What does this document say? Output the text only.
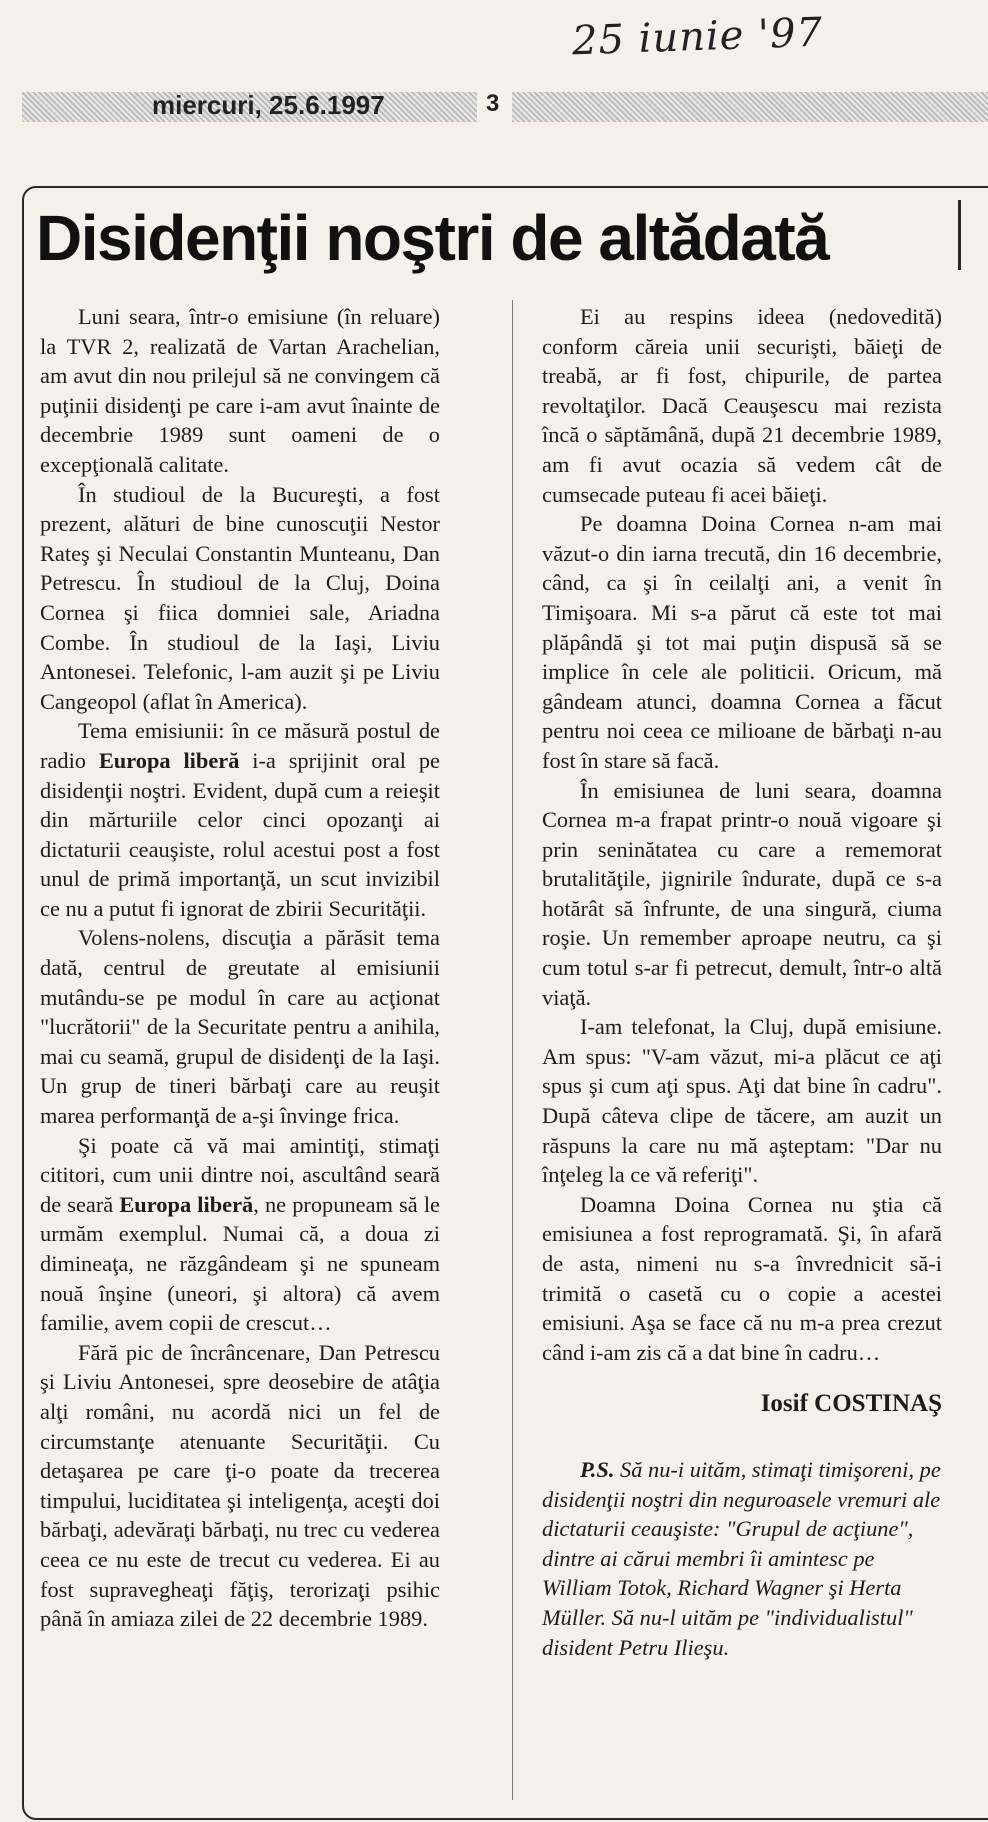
25 iunie '97
miercuri, 25.6.1997	3
Disidenţii noştri de altădată

Luni seara, într-o emisiune (în reluare) la TVR 2, realizată de Vartan Arachelian, am avut din nou prilejul să ne convingem că puţinii disidenţi pe care i-am avut înainte de decembrie 1989 sunt oameni de o excepţională calitate.

În studioul de la Bucureşti, a fost prezent, alături de bine cunoscuţii Nestor Rateş şi Neculai Constantin Munteanu, Dan Petrescu. În studioul de la Cluj, Doina Cornea şi fiica domniei sale, Ariadna Combe. În studioul de la Iaşi, Liviu Antonesei. Telefonic, l-am auzit şi pe Liviu Cangeopol (aflat în America).

Tema emisiunii: în ce măsură postul de radio Europa liberă i-a sprijinit oral pe disidenţii noştri. Evident, după cum a reieşit din mărturiile celor cinci opozanţi ai dictaturii ceauşiste, rolul acestui post a fost unul de primă importanţă, un scut invizibil ce nu a putut fi ignorat de zbirii Securităţii.

Volens-nolens, discuţia a părăsit tema dată, centrul de greutate al emisiunii mutându-se pe modul în care au acţionat "lucrătorii" de la Securitate pentru a anihila, mai cu seamă, grupul de disidenţi de la Iaşi. Un grup de tineri bărbaţi care au reuşit marea performanţă de a-şi învinge frica.

Şi poate că vă mai amintiţi, stimaţi cititori, cum unii dintre noi, ascultând seară de seară Europa liberă, ne propuneam să le urmăm exemplul. Numai că, a doua zi dimineaţa, ne răzgândeam şi ne spuneam nouă înşine (uneori, şi altora) că avem familie, avem copii de crescut…

Fără pic de încrâncenare, Dan Petrescu şi Liviu Antonesei, spre deosebire de atâţia alţi români, nu acordă nici un fel de circumstanţe atenuante Securităţii. Cu detaşarea pe care ţi-o poate da trecerea timpului, luciditatea şi inteligenţa, aceşti doi bărbaţi, adevăraţi bărbaţi, nu trec cu vederea ceea ce nu este de trecut cu vederea. Ei au fost supravegheaţi făţiş, terorizaţi psihic până în amiaza zilei de 22 decembrie 1989.

Ei au respins ideea (nedovedită) conform căreia unii securişti, băieţi de treabă, ar fi fost, chipurile, de partea revoltaţilor. Dacă Ceauşescu mai rezista încă o săptămână, după 21 decembrie 1989, am fi avut ocazia să vedem cât de cumsecade puteau fi acei băieţi.

Pe doamna Doina Cornea n-am mai văzut-o din iarna trecută, din 16 decembrie, când, ca şi în ceilalţi ani, a venit în Timişoara. Mi s-a părut că este tot mai plăpândă şi tot mai puţin dispusă să se implice în cele ale politicii. Oricum, mă gândeam atunci, doamna Cornea a făcut pentru noi ceea ce milioane de bărbaţi n-au fost în stare să facă.

În emisiunea de luni seara, doamna Cornea m-a frapat printr-o nouă vigoare şi prin seninătatea cu care a rememorat brutalităţile, jignirile îndurate, după ce s-a hotărât să înfrunte, de una singură, ciuma roşie. Un remember aproape neutru, ca şi cum totul s-ar fi petrecut, demult, într-o altă viaţă.

I-am telefonat, la Cluj, după emisiune. Am spus: "V-am văzut, mi-a plăcut ce aţi spus şi cum aţi spus. Aţi dat bine în cadru". După câteva clipe de tăcere, am auzit un răspuns la care nu mă aşteptam: "Dar nu înţeleg la ce vă referiţi".

Doamna Doina Cornea nu ştia că emisiunea a fost reprogramată. Şi, în afară de asta, nimeni nu s-a învrednicit să-i trimită o casetă cu o copie a acestei emisiuni. Aşa se face că nu m-a prea crezut când i-am zis că a dat bine în cadru…

Iosif COSTINAŞ

P.S. Să nu-i uităm, stimaţi timişoreni, pe disidenţii noştri din neguroasele vremuri ale dictaturii ceauşiste: "Grupul de acţiune", dintre ai cărui membri îi amintesc pe William Totok, Richard Wagner şi Herta Müller. Să nu-l uităm pe "individualistul" disident Petru Ilieşu.
